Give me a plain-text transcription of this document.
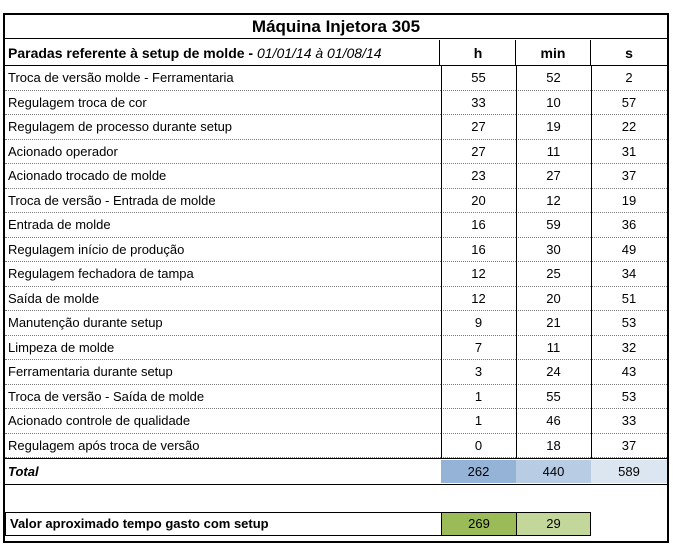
Máquina Injetora 305
Paradas referente à setup de molde - 01/01/14 à 01/08/14	h	min	s
Troca de versão molde - Ferramentaria	55	52	2
Regulagem troca de cor	33	10	57
Regulagem de processo durante setup	27	19	22
Acionado operador	27	11	31
Acionado trocado de molde	23	27	37
Troca de versão - Entrada de molde	20	12	19
Entrada de molde	16	59	36
Regulagem início de produção	16	30	49
Regulagem fechadora de tampa	12	25	34
Saída de molde	12	20	51
Manutenção durante setup	9	21	53
Limpeza de molde	7	11	32
Ferramentaria durante setup	3	24	43
Troca de versão - Saída de molde	1	55	53
Acionado controle de qualidade	1	46	33
Regulagem após troca de versão	0	18	37
Total	262	440	589
Valor aproximado tempo gasto com setup	269	29
